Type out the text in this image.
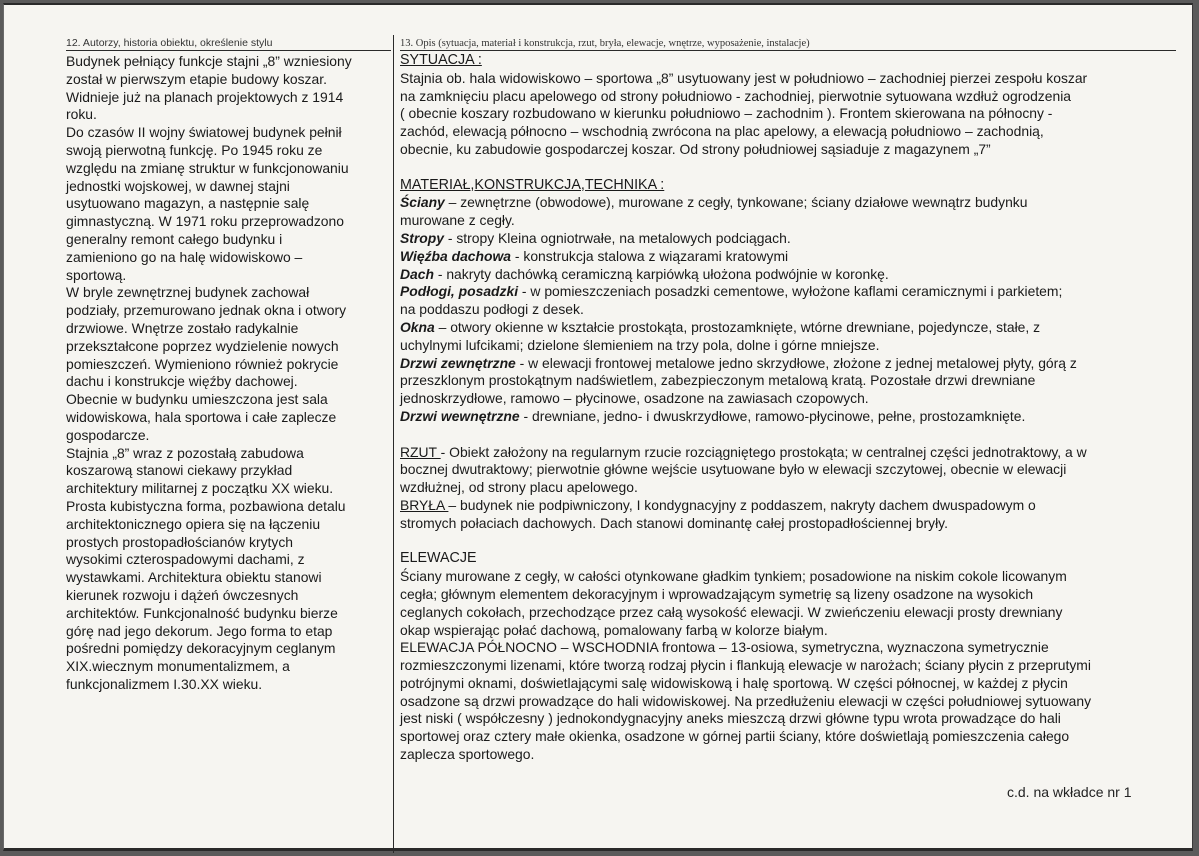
12. Autorzy, historia obiektu, określenie stylu	13. Opis (sytuacja, materiał i konstrukcja, rzut, bryła, elewacje, wnętrze, wyposażenie, instalacje)

Budynek pełniący funkcje stajni „8” wzniesiony

został w pierwszym etapie budowy koszar.

Widnieje już na planach projektowych z 1914

roku.

Do czasów II wojny światowej budynek pełnił

swoją pierwotną funkcję. Po 1945 roku ze

względu na zmianę struktur w funkcjonowaniu

jednostki wojskowej, w dawnej stajni

usytuowano magazyn, a następnie salę

gimnastyczną. W 1971 roku przeprowadzono

generalny remont całego budynku i

zamieniono go na halę widowiskowo –

sportową.

W bryle zewnętrznej budynek zachował

podziały, przemurowano jednak okna i otwory

drzwiowe. Wnętrze zostało radykalnie

przekształcone poprzez wydzielenie nowych

pomieszczeń. Wymieniono również pokrycie

dachu i konstrukcje więźby dachowej.

Obecnie w budynku umieszczona jest sala

widowiskowa, hala sportowa i całe zaplecze

gospodarcze.

Stajnia „8” wraz z pozostałą zabudowa

koszarową stanowi ciekawy przykład

architektury militarnej z początku XX wieku.

Prosta kubistyczna forma, pozbawiona detalu

architektonicznego opiera się na łączeniu

prostych prostopadłościanów krytych

wysokimi czterospadowymi dachami, z

wystawkami. Architektura obiektu stanowi

kierunek rozwoju i dążeń ówczesnych

architektów. Funkcjonalność budynku bierze

górę nad jego dekorum. Jego forma to etap

pośredni pomiędzy dekoracyjnym ceglanym

XIX.wiecznym monumentalizmem, a

funkcjonalizmem I.30.XX wieku.

SYTUACJA :

Stajnia ob. hala widowiskowo – sportowa „8” usytuowany jest w południowo – zachodniej pierzei zespołu koszar

na zamknięciu placu apelowego od strony południowo - zachodniej, pierwotnie sytuowana wzdłuż ogrodzenia

( obecnie koszary rozbudowano w kierunku południowo – zachodnim ). Frontem skierowana na północny -

zachód, elewacją północno – wschodnią zwrócona na plac apelowy, a elewacją południowo – zachodnią,

obecnie, ku zabudowie gospodarczej koszar. Od strony południowej sąsiaduje z magazynem „7”

MATERIAŁ,KONSTRUKCJA,TECHNIKA :

Ściany – zewnętrzne (obwodowe), murowane z cegły, tynkowane; ściany działowe wewnątrz budynku

murowane z cegły.

Stropy - stropy Kleina ogniotrwałe, na metalowych podciągach.

Więźba dachowa - konstrukcja stalowa z wiązarami kratowymi

Dach - nakryty dachówką ceramiczną karpiówką ułożona podwójnie w koronkę.

Podłogi, posadzki - w pomieszczeniach posadzki cementowe, wyłożone kaflami ceramicznymi i parkietem;

na poddaszu podłogi z desek.

Okna – otwory okienne w kształcie prostokąta, prostozamknięte, wtórne drewniane, pojedyncze, stałe, z

uchylnymi lufcikami; dzielone ślemieniem na trzy pola, dolne i górne mniejsze.

Drzwi zewnętrzne - w elewacji frontowej metalowe jedno skrzydłowe, złożone z jednej metalowej płyty, górą z

przeszklonym prostokątnym nadświetlem, zabezpieczonym metalową kratą. Pozostałe drzwi drewniane

jednoskrzydłowe, ramowo – płycinowe, osadzone na zawiasach czopowych.

Drzwi wewnętrzne - drewniane, jedno- i dwuskrzydłowe, ramowo-płycinowe, pełne, prostozamknięte.

RZUT - Obiekt założony na regularnym rzucie rozciągniętego prostokąta; w centralnej części jednotraktowy, a w

bocznej dwutraktowy; pierwotnie główne wejście usytuowane było w elewacji szczytowej, obecnie w elewacji

wzdłużnej, od strony placu apelowego.

BRYŁA – budynek nie podpiwniczony, I kondygnacyjny z poddaszem, nakryty dachem dwuspadowym o

stromych połaciach dachowych. Dach stanowi dominantę całej prostopadłościennej bryły.

ELEWACJE

Ściany murowane z cegły, w całości otynkowane gładkim tynkiem; posadowione na niskim cokole licowanym

cegła; głównym elementem dekoracyjnym i wprowadzającym symetrię są lizeny osadzone na wysokich

ceglanych cokołach, przechodzące przez całą wysokość elewacji. W zwieńczeniu elewacji prosty drewniany

okap wspierając połać dachową, pomalowany farbą w kolorze białym.

ELEWACJA PÓŁNOCNO – WSCHODNIA frontowa – 13-osiowa, symetryczna, wyznaczona symetrycznie

rozmieszczonymi lizenami, które tworzą rodzaj płycin i flankują elewacje w narożach; ściany płycin z przeprutymi

potrójnymi oknami, doświetlającymi salę widowiskową i halę sportową. W części północnej, w każdej z płycin

osadzone są drzwi prowadzące do hali widowiskowej. Na przedłużeniu elewacji w części południowej sytuowany

jest niski ( współczesny ) jednokondygnacyjny aneks mieszczą drzwi główne typu wrota prowadzące do hali

sportowej oraz cztery małe okienka, osadzone w górnej partii ściany, które doświetlają pomieszczenia całego

zaplecza sportowego.

c.d. na wkładce nr 1
